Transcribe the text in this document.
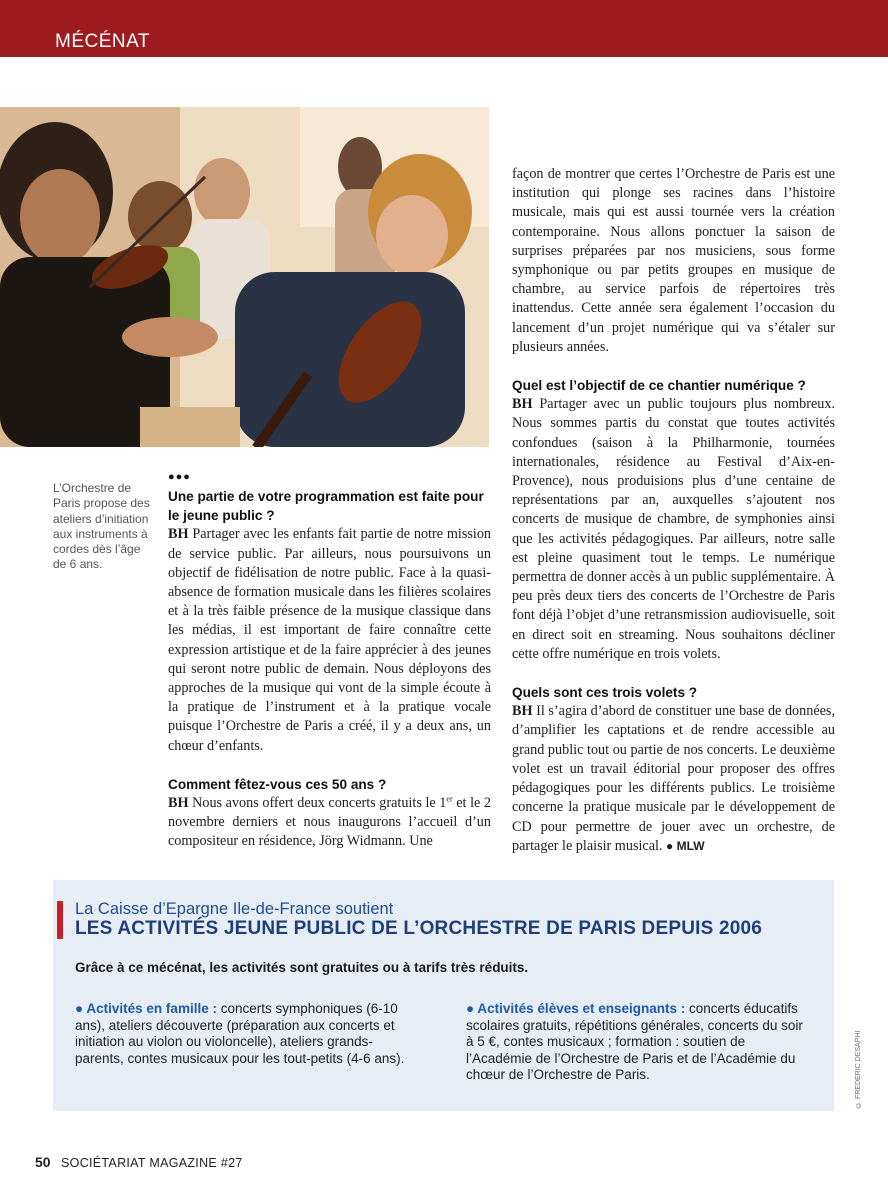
MÉCÉNAT
L’Orchestre de Paris propose des ateliers d’initiation aux instruments à cordes dès l’âge de 6 ans.
●●●

Une partie de votre programmation est faite pour le jeune public ?

BH Partager avec les enfants fait partie de notre mission de service public. Par ailleurs, nous poursuivons un objectif de fidélisation de notre public. Face à la quasi-absence de formation musicale dans les filières scolaires et à la très faible présence de la musique classique dans les médias, il est important de faire connaître cette expression artistique et de la faire apprécier à des jeunes qui seront notre public de demain. Nous déployons des approches de la musique qui vont de la simple écoute à la pratique de l’instrument et à la pratique vocale puisque l’Orchestre de Paris a créé, il y a deux ans, un chœur d’enfants.

Comment fêtez-vous ces 50 ans ?

BH Nous avons offert deux concerts gratuits le 1er et le 2 novembre derniers et nous inaugurons l’accueil d’un compositeur en résidence, Jörg Widmann. Une

façon de montrer que certes l’Orchestre de Paris est une institution qui plonge ses racines dans l’histoire musicale, mais qui est aussi tournée vers la création contemporaine. Nous allons ponctuer la saison de surprises préparées par nos musiciens, sous forme symphonique ou par petits groupes en musique de chambre, au service parfois de répertoires très inattendus. Cette année sera également l’occasion du lancement d’un projet numérique qui va s’étaler sur plusieurs années.

Quel est l’objectif de ce chantier numérique ?

BH Partager avec un public toujours plus nombreux. Nous sommes partis du constat que toutes activités confondues (saison à la Philharmonie, tournées internationales, résidence au Festival d’Aix-en-Provence), nous produisions plus d’une centaine de représentations par an, auxquelles s’ajoutent nos concerts de musique de chambre, de symphonies ainsi que les activités pédagogiques. Par ailleurs, notre salle est pleine quasiment tout le temps. Le numérique permettra de donner accès à un public supplémentaire. À peu près deux tiers des concerts de l’Orchestre de Paris font déjà l’objet d’une retransmission audiovisuelle, soit en direct soit en streaming. Nous souhaitons décliner cette offre numérique en trois volets.

Quels sont ces trois volets ?

BH Il s’agira d’abord de constituer une base de données, d’amplifier les captations et de rendre accessible au grand public tout ou partie de nos concerts. Le deuxième volet est un travail éditorial pour proposer des offres pédagogiques pour les différents publics. Le troisième concerne la pratique musicale par le développement de CD pour permettre de jouer avec un orchestre, de partager le plaisir musical. ● MLW

La Caisse d’Epargne Ile-de-France soutient
LES ACTIVITÉS JEUNE PUBLIC DE L’ORCHESTRE DE PARIS DEPUIS 2006
Grâce à ce mécénat, les activités sont gratuites ou à tarifs très réduits.
● Activités en famille : concerts symphoniques (6-10 ans), ateliers découverte (préparation aux concerts et initiation au violon ou violoncelle), ateliers grands-parents, contes musicaux pour les tout-petits (4-6 ans).
● Activités élèves et enseignants : concerts éducatifs scolaires gratuits, répétitions générales, concerts du soir à 5 €, contes musicaux ; formation : soutien de l’Académie de l’Orchestre de Paris et de l’Académie du chœur de l’Orchestre de Paris.	© FREDERIC DESAPHI
50 SOCIÉTARIAT MAGAZINE #27
